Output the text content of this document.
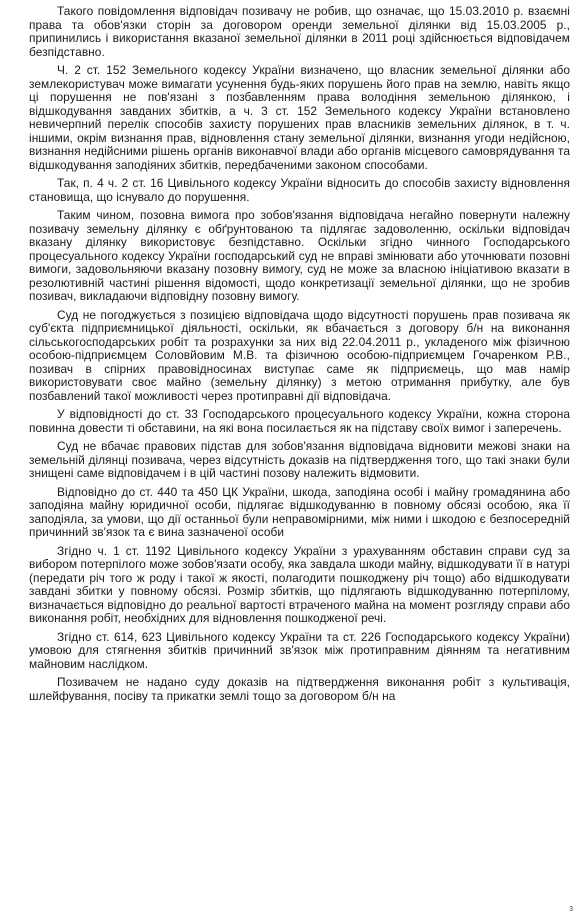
Такого повідомлення відповідач позивачу не робив, що означає, що 15.03.2010 р. взаємні права та обов'язки сторін за договором оренди земельної ділянки від 15.03.2005 р., припинились і використання вказаної земельної ділянки в 2011 році здійснюється відповідачем безпідставно.

Ч. 2 ст. 152 Земельного кодексу України визначено, що власник земельної ділянки або землекористувач може вимагати усунення будь-яких порушень його прав на землю, навіть якщо ці порушення не пов'язані з позбавленням права володіння земельною ділянкою, і відшкодування завданих збитків, а ч. 3 ст. 152 Земельного кодексу України встановлено невичерпний перелік способів захисту порушених прав власників земельних ділянок, в т. ч. іншими, окрім визнання прав, відновлення стану земельної ділянки, визнання угоди недійсною, визнання недійсними рішень органів виконавчої влади або органів місцевого самоврядування та відшкодування заподіяних збитків, передбаченими законом способами.

Так, п. 4 ч. 2 ст. 16 Цивільного кодексу України відносить до способів захисту відновлення становища, що існувало до порушення.

Таким чином, позовна вимога про зобов'язання відповідача негайно повернути належну позивачу земельну ділянку є обґрунтованою та підлягає задоволенню, оскільки відповідач вказану ділянку використовує безпідставно. Оскільки згідно чинного Господарського процесуального кодексу України господарський суд не вправі змінювати або уточнювати позовні вимоги, задовольняючи вказану позовну вимогу, суд не може за власною ініціативою вказати в резолютивній частині рішення відомості, щодо конкретизації земельної ділянки, що не зробив позивач, викладаючи відповідну позовну вимогу.

Суд не погоджується з позицією відповідача щодо відсутності порушень прав позивача як суб'єкта підприємницької діяльності, оскільки, як вбачається з договору б/н на виконання сільськогосподарських робіт та розрахунки за них від 22.04.2011 р., укладеного між фізичною особою-підприємцем Соловйовим М.В. та фізичною особою-підприємцем Гочаренком Р.В., позивач в спірних правовідносинах виступає саме як підприємець, що мав намір використовувати своє майно (земельну ділянку) з метою отримання прибутку, але був позбавлений такої можливості через протиправні дії відповідача.

У відповідності до ст. 33 Господарського процесуального кодексу України, кожна сторона повинна довести ті обставини, на які вона посилається як на підставу своїх вимог і заперечень.

Суд не вбачає правових підстав для зобов'язання відповідача відновити межові знаки на земельній ділянці позивача, через відсутність доказів на підтвердження того, що такі знаки були знищені саме відповідачем і в цій частині позову належить відмовити.

Відповідно до ст. 440 та 450 ЦК України, шкода, заподіяна особі і майну громадянина або заподіяна майну юридичної особи, підлягає відшкодуванню в повному обсязі особою, яка її заподіяла, за умови, що дії останньої були неправомірними, між ними і шкодою є безпосередній причинний зв'язок та є вина зазначеної особи

Згідно ч. 1 ст. 1192 Цивільного кодексу України з урахуванням обставин справи суд за вибором потерпілого може зобов'язати особу, яка завдала шкоди майну, відшкодувати її в натурі (передати річ того ж роду і такої ж якості, полагодити пошкоджену річ тощо) або відшкодувати завдані збитки у повному обсязі. Розмір збитків, що підлягають відшкодуванню потерпілому, визначається відповідно до реальної вартості втраченого майна на момент розгляду справи або виконання робіт, необхідних для відновлення пошкодженої речі.

Згідно ст. 614, 623 Цивільного кодексу України та ст. 226 Господарського кодексу України) умовою для стягнення збитків причинний зв'язок між протиправним діянням та негативним майновим наслідком.

Позивачем не надано суду доказів на підтвердження виконання робіт з культивація, шлейфування, посіву та прикатки землі тощо за договором б/н на

3
